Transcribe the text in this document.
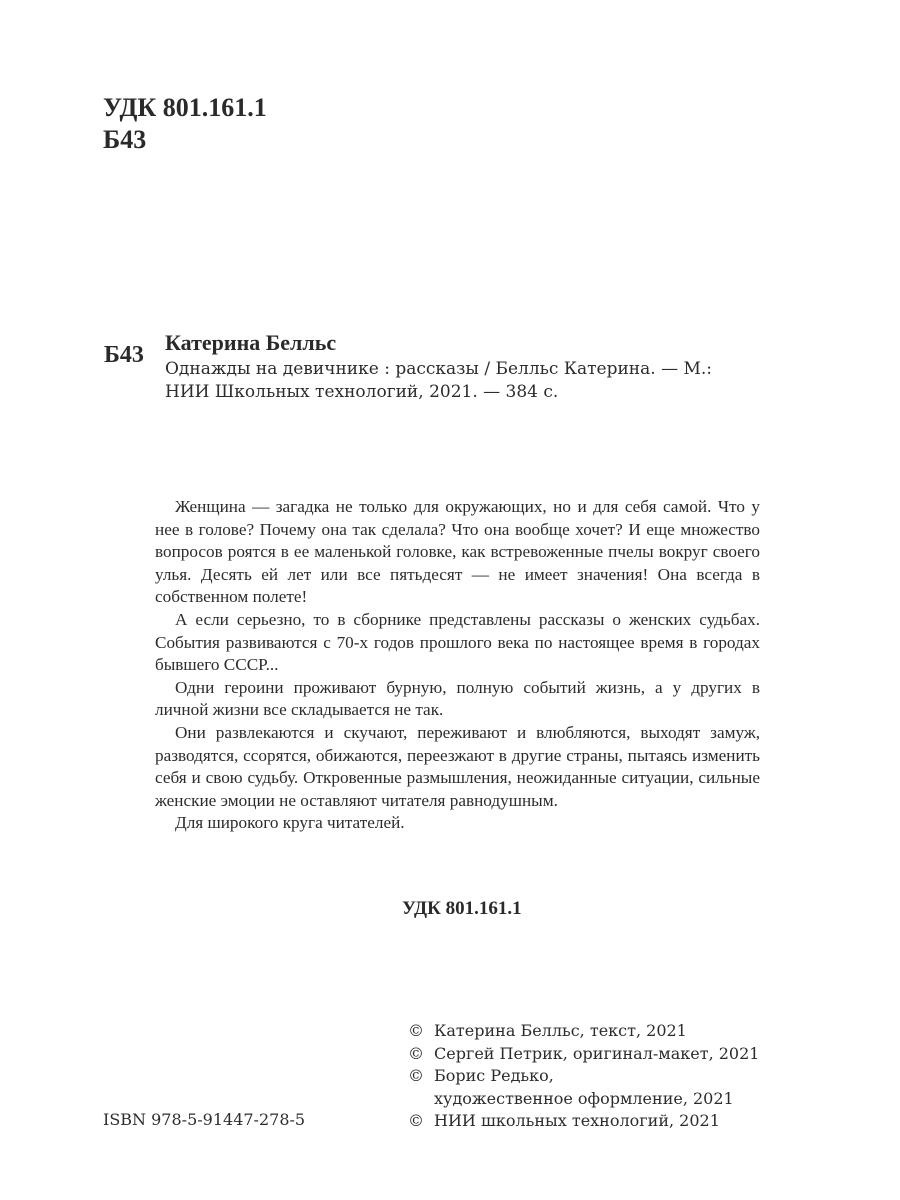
УДК 801.161.1
Б43
Б43 Катерина Белльс
Однажды на девичнике : рассказы / Белльс Катерина. — М.:
НИИ Школьных технологий, 2021. — 384 с.

Женщина — загадка не только для окружающих, но и для себя самой. Что у нее в голове? Почему она так сделала? Что она вообще хочет? И еще множество вопросов роятся в ее маленькой головке, как встревоженные пчелы вокруг своего улья. Десять ей лет или все пятьдесят — не имеет значения! Она всегда в собственном полете!

А если серьезно, то в сборнике представлены рассказы о женских судьбах. События развиваются с 70-х годов прошлого века по настоящее время в городах бывшего СССР...

Одни героини проживают бурную, полную событий жизнь, а у других в личной жизни все складывается не так.

Они развлекаются и скучают, переживают и влюбляются, выходят замуж, разводятся, ссорятся, обижаются, переезжают в другие страны, пытаясь изменить себя и свою судьбу. Откровенные размышления, неожиданные ситуации, сильные женские эмоции не оставляют читателя равнодушным.

Для широкого круга читателей.

УДК 801.161.1
ISBN 978-5-91447-278-5
© Катерина Белльс, текст, 2021
© Сергей Петрик, оригинал-макет, 2021
© Борис Редько,
художественное оформление, 2021
© НИИ школьных технологий, 2021
